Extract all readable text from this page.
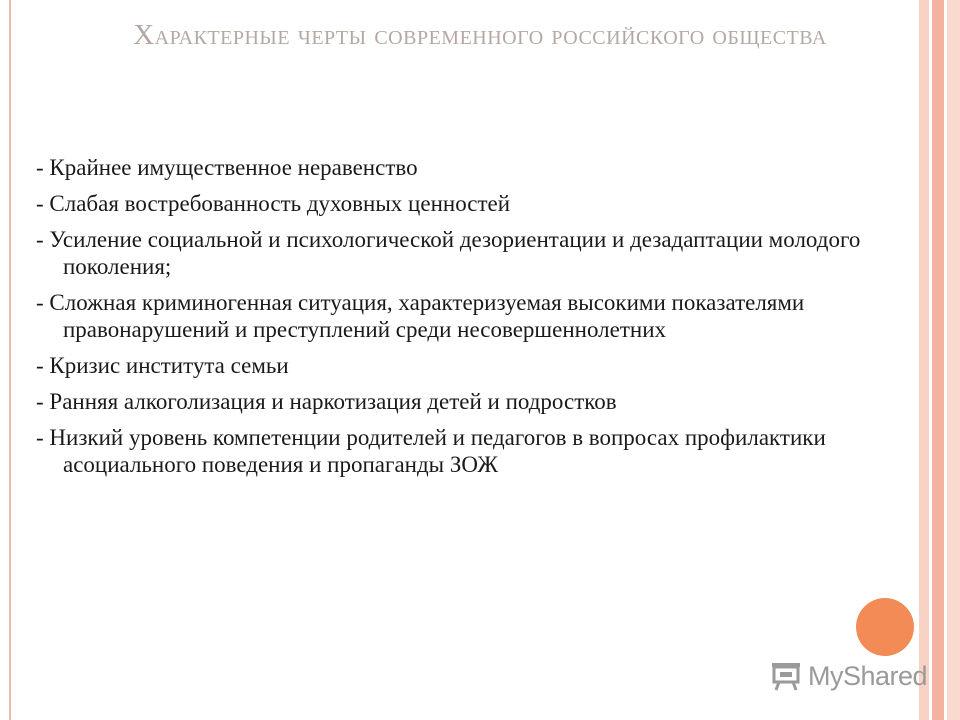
Характерные черты современного российского общества
- Крайнее имущественное неравенство
- Слабая востребованность духовных ценностей
- Усиление социальной и психологической дезориентации и дезадаптации молодого поколения;
- Сложная криминогенная ситуация, характеризуемая высокими показателями правонарушений и преступлений среди несовершеннолетних
- Кризис института семьи
- Ранняя алкоголизация и наркотизация детей и подростков
- Низкий уровень компетенции родителей и педагогов в вопросах профилактики асоциального поведения и пропаганды ЗОЖ
MyShared
